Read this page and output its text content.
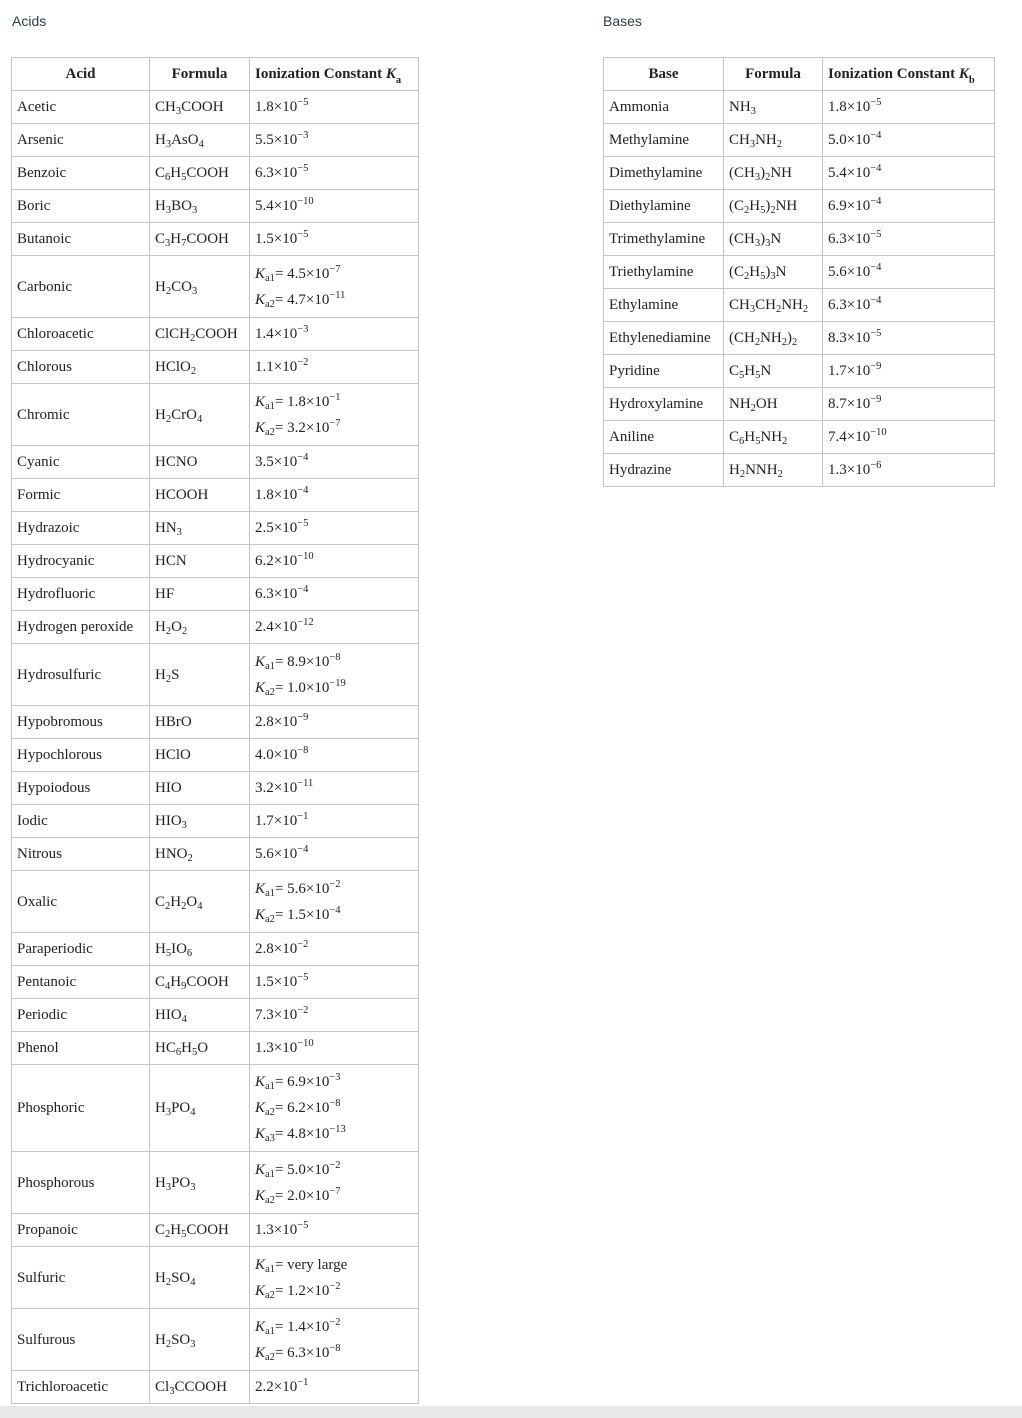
Acids	Bases
Acid	Formula	Ionization Constant $K_a$
Acetic	$CH_3COOH$	$1.8\times 10^{-5}$

Arsenic	$H_3AsO_4$	$5.5\times 10^{-3}$

Benzoic	$C_6H_5COOH$	$6.3\times 10^{-5}$

Boric	$H_3BO_3$	$5.4\times 10^{-10}$

Butanoic	$C_3H_7COOH$	$1.5\times 10^{-5}$

Carbonic	$H_2CO_3$	$K_{a1}= 4.5\times 10^{-7}$
$K_{a2}= 4.7\times 10^{-11}$

Chloroacetic	ClCH$_2$COOH	$1.4\times 10^{-3}$

Chlorous	HClO$_2$	$1.1\times 10^{-2}$

Chromic	$H_2CrO_4$	$K_{a1}= 1.8\times 10^{-1}$
$K_{a2}= 3.2\times 10^{-7}$

Cyanic	HCNO	$3.5\times 10^{-4}$

Formic	HCOOH	$1.8\times 10^{-4}$

Hydrazoic	$HN_3$	$2.5\times 10^{-5}$

Hydrocyanic	HCN	$6.2\times 10^{-10}$

Hydrofluoric	HF	$6.3\times 10^{-4}$

Hydrogen peroxide	$H_2O_2$	$2.4\times 10^{-12}$

Hydrosulfuric	$H_2S$	$K_{a1}= 8.9\times 10^{-8}$
$K_{a2}= 1.0\times 10^{-19}$

Hypobromous	HBrO	$2.8\times 10^{-9}$

Hypochlorous	HClO	$4.0\times 10^{-8}$

Hypoiodous	HIO	$3.2\times 10^{-11}$

Iodic	$HIO_3$	$1.7\times 10^{-1}$

Nitrous	$HNO_2$	$5.6\times 10^{-4}$

Oxalic	$C_2H_2O_4$	$K_{a1}= 5.6\times 10^{-2}$
$K_{a2}= 1.5\times 10^{-4}$

Paraperiodic	$H_5IO_6$	$2.8\times 10^{-2}$

Pentanoic	$C_4H_9COOH$	$1.5\times 10^{-5}$

Periodic	$HIO_4$	$7.3\times 10^{-2}$

Phenol	$HC_6H_5O$	$1.3\times 10^{-10}$

Phosphoric	$H_3PO_4$	$K_{a1}= 6.9\times 10^{-3}$
$K_{a2}= 6.2\times 10^{-8}$
$K_{a3}= 4.8\times 10^{-13}$

Phosphorous	$H_3PO_3$	$K_{a1}= 5.0\times 10^{-2}$
$K_{a2}= 2.0\times 10^{-7}$

Propanoic	$C_2H_5COOH$	$1.3\times 10^{-5}$

Sulfuric	$H_2SO_4$	$K_{a1}=$ very large
$K_{a2}= 1.2\times 10^{-2}$

Sulfurous	$H_2SO_3$	$K_{a1}= 1.4\times 10^{-2}$
$K_{a2}= 6.3\times 10^{-8}$

Trichloroacetic	$Cl_3CCOOH$	$2.2\times 10^{-1}$
Base	Formula	Ionization Constant $K_b$
Ammonia	$NH_3$	$1.8\times 10^{-5}$

Methylamine	$CH_3NH_2$	$5.0\times 10^{-4}$

Dimethylamine	$(CH_3)_2NH$	$5.4\times 10^{-4}$

Diethylamine	$(C_2H_5)_2NH$	$6.9\times 10^{-4}$

Trimethylamine	$(CH_3)_3N$	$6.3\times 10^{-5}$

Triethylamine	$(C_2H_5)_3N$	$5.6\times 10^{-4}$

Ethylamine	$CH_3CH_2NH_2$	$6.3\times 10^{-4}$

Ethylenediamine	$(CH_2NH_2)_2$	$8.3\times 10^{-5}$

Pyridine	$C_5H_5N$	$1.7\times 10^{-9}$

Hydroxylamine	$NH_2OH$	$8.7\times 10^{-9}$

Aniline	$C_6H_5NH_2$	$7.4\times 10^{-10}$

Hydrazine	$H_2NNH_2$	$1.3\times 10^{-6}$
